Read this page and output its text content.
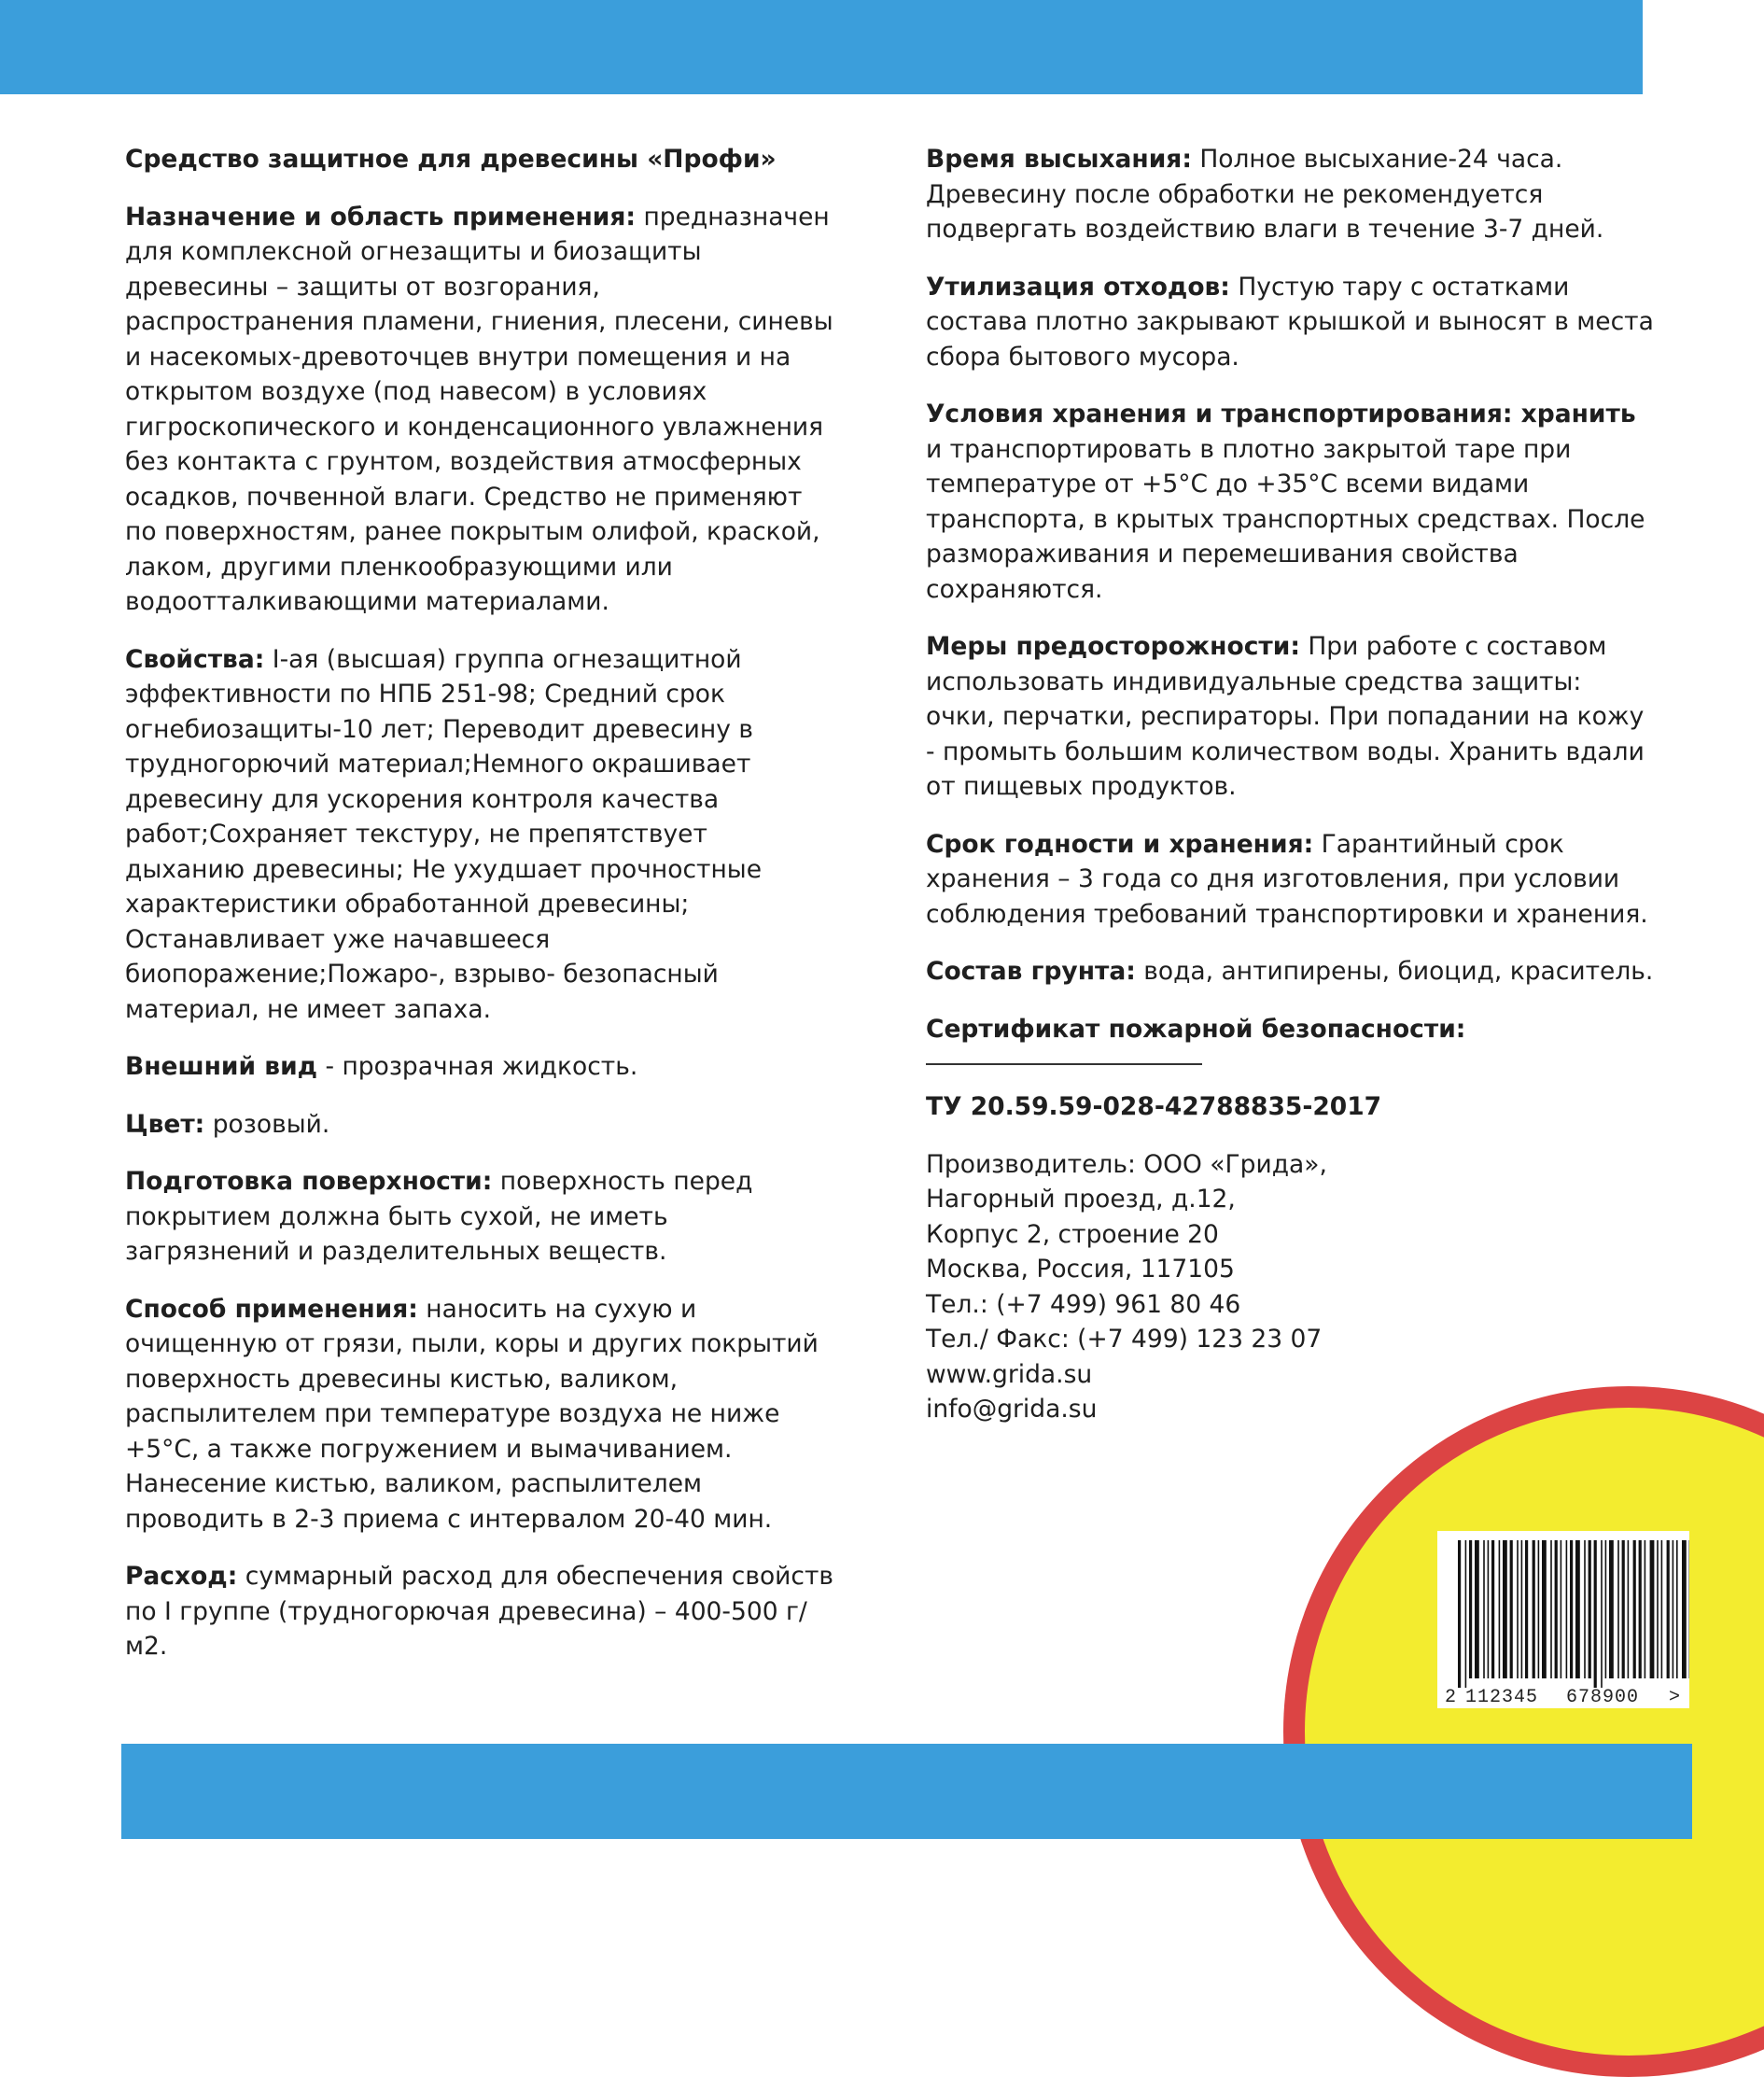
Средство защитное для древесины «Профи»

Назначение и область применения: предназначен для комплексной огнезащиты и биозащиты древесины – защиты от возгорания, распространения пламени, гниения, плесени, синевы и насекомых-древоточцев внутри помещения и на открытом воздухе (под навесом) в условиях гигроскопического и конденсационного увлажнения без контакта с грунтом, воздействия атмосферных осадков, почвенной влаги. Средство не применяют по поверхностям, ранее покрытым олифой, краской, лаком, другими пленкообразующими или водоотталкивающими материалами.

Свойства: I-ая (высшая) группа огнезащитной эффективности по НПБ 251-98; Средний срок огнебиозащиты-10 лет; Переводит древесину в трудногорючий материал;Немного окрашивает древесину для ускорения контроля качества работ;Сохраняет текстуру, не препятствует дыханию древесины; Не ухудшает прочностные характеристики обработанной древесины; Останавливает уже начавшееся биопоражение;Пожаро-, взрыво- безопасный материал, не имеет запаха.

Внешний вид - прозрачная жидкость.

Цвет: розовый.

Подготовка поверхности: поверхность перед покрытием должна быть сухой, не иметь загрязнений и разделительных веществ.

Способ применения: наносить на сухую и очищенную от грязи, пыли, коры и других покрытий поверхность древесины кистью, валиком, распылителем при температуре воздуха не ниже +5°С, а также погружением и вымачиванием. Нанесение кистью, валиком, распылителем проводить в 2-3 приема с интервалом 20-40 мин.

Расход: суммарный расход для обеспечения свойств по I группе (трудногорючая древесина) – 400-500 г/м2.

Время высыхания: Полное высыхание-24 часа. Древесину после обработки не рекомендуется подвергать воздействию влаги в течение 3-7 дней.

Утилизация отходов: Пустую тару с остатками состава плотно закрывают крышкой и выносят в места сбора бытового мусора.

Условия хранения и транспортирования: хранить и транспортировать в плотно закрытой таре при температуре от +5°С до +35°С всеми видами транспорта, в крытых транспортных средствах. После размораживания и перемешивания свойства сохраняются.

Меры предосторожности: При работе с составом использовать индивидуальные средства защиты: очки, перчатки, респираторы. При попадании на кожу - промыть большим количеством воды. Хранить вдали от пищевых продуктов.

Срок годности и хранения: Гарантийный срок хранения – 3 года со дня изготовления, при условии соблюдения требований транспортировки и хранения.

Состав грунта: вода, антипирены, биоцид, краситель.

Сертификат пожарной безопасности:

ТУ 20.59.59-028-42788835-2017

Производитель: ООО «Грида»,

Нагорный проезд, д.12,

Корпус 2, строение 20

Москва, Россия, 117105

Тел.: (+7 499) 961 80 46

Тел./ Факс: (+7 499) 123 23 07

www.grida.su

info@grida.su

2 112345 678900 >
